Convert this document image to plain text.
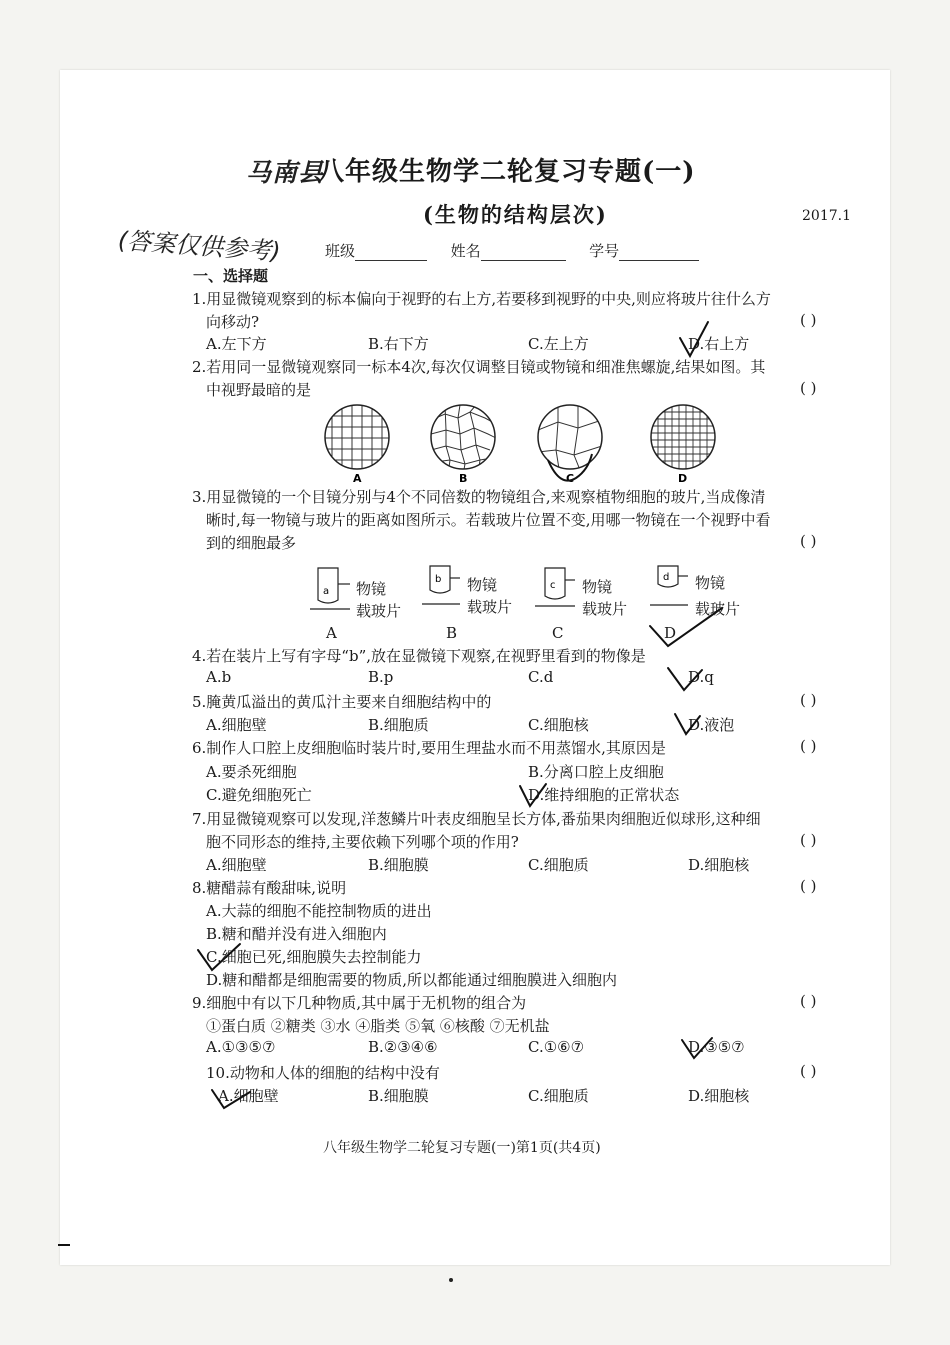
马南县
八年级生物学二轮复习专题(一)
(生物的结构层次)	2017.1
(答案仅供参考)	班级	姓名	学号
一、选择题
1.用显微镜观察到的标本偏向于视野的右上方,若要移到视野的中央,则应将玻片往什么方
向移动?	( )
A.左下方	B.右下方	C.左上方	D.右上方
2.若用同一显微镜观察同一标本4次,每次仅调整目镜或物镜和细准焦螺旋,结果如图。其
中视野最暗的是	( )
A	B	C	D
3.用显微镜的一个目镜分别与4个不同倍数的物镜组合,来观察植物细胞的玻片,当成像清
晰时,每一物镜与玻片的距离如图所示。若载玻片位置不变,用哪一物镜在一个视野中看
到的细胞最多	( )
a
b
c
d
物镜
载玻片
物镜
载玻片
物镜
载玻片
物镜
载玻片
A	B	C	D
4.若在装片上写有字母“b”,放在显微镜下观察,在视野里看到的物像是
A.b	B.p	C.d	D.q
5.腌黄瓜溢出的黄瓜汁主要来自细胞结构中的	( )
A.细胞壁	B.细胞质	C.细胞核	D.液泡
6.制作人口腔上皮细胞临时装片时,要用生理盐水而不用蒸馏水,其原因是	( )
A.要杀死细胞	B.分离口腔上皮细胞
C.避免细胞死亡	D.维持细胞的正常状态
7.用显微镜观察可以发现,洋葱鳞片叶表皮细胞呈长方体,番茄果肉细胞近似球形,这种细
胞不同形态的维持,主要依赖下列哪个项的作用?	( )
A.细胞壁	B.细胞膜	C.细胞质	D.细胞核
8.糖醋蒜有酸甜味,说明	( )
A.大蒜的细胞不能控制物质的进出
B.糖和醋并没有进入细胞内
C.细胞已死,细胞膜失去控制能力
D.糖和醋都是细胞需要的物质,所以都能通过细胞膜进入细胞内
9.细胞中有以下几种物质,其中属于无机物的组合为	( )
①蛋白质 ②糖类 ③水 ④脂类 ⑤氧 ⑥核酸 ⑦无机盐
A.①③⑤⑦	B.②③④⑥	C.①⑥⑦	D.③⑤⑦
10.动物和人体的细胞的结构中没有	( )
A.细胞壁	B.细胞膜	C.细胞质	D.细胞核
八年级生物学二轮复习专题(一)第1页(共4页)
